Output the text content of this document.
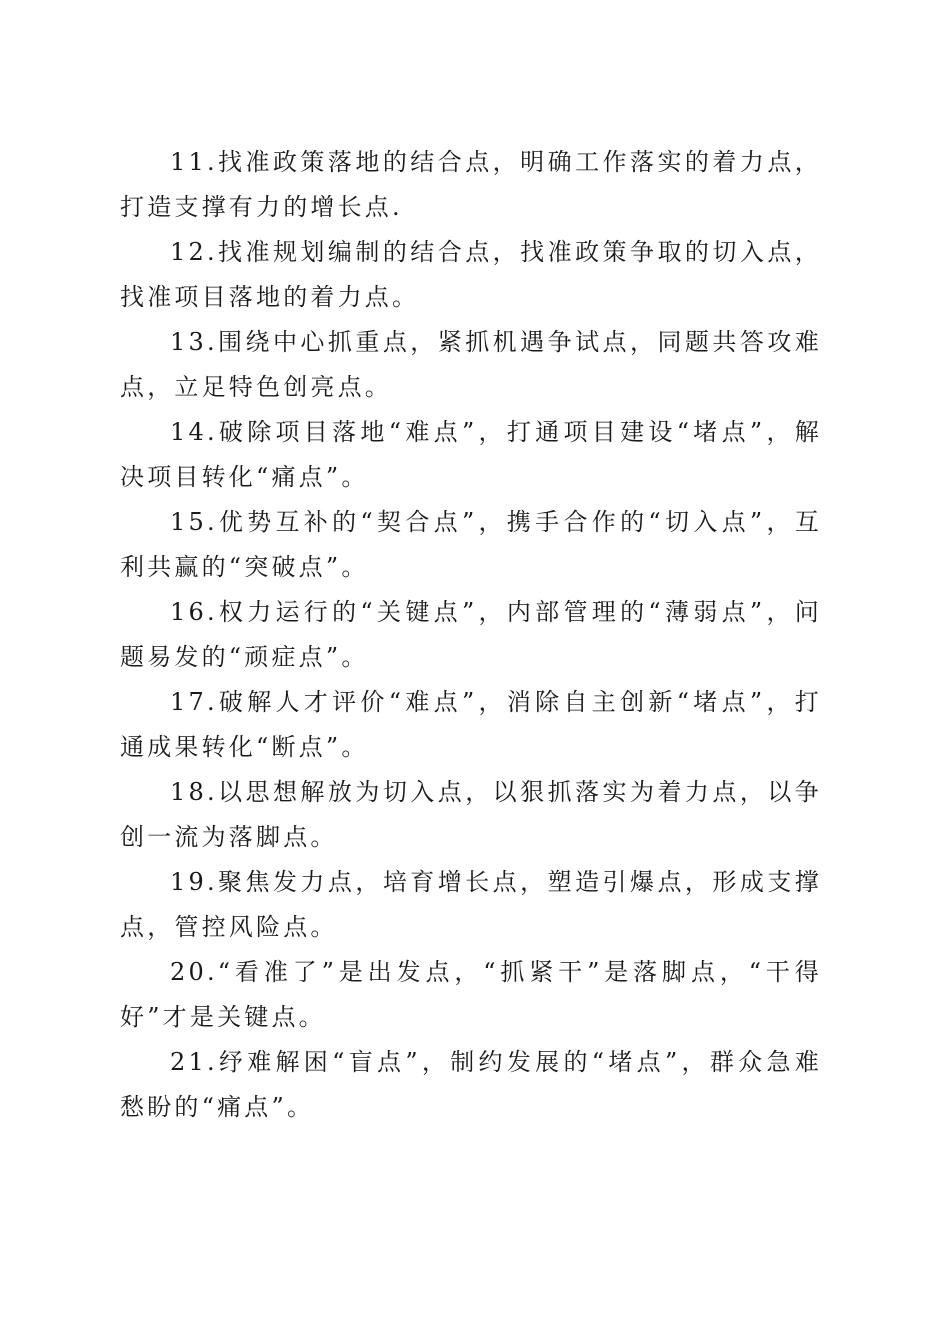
11.找准政策落地的结合点，明确工作落实的着力点，打造支撑有力的增长点.

12.找准规划编制的结合点，找准政策争取的切入点，找准项目落地的着力点。

13.围绕中心抓重点，紧抓机遇争试点，同题共答攻难点，立足特色创亮点。

14.破除项目落地“难点”，打通项目建设“堵点”，解决项目转化“痛点”。

15.优势互补的“契合点”，携手合作的“切入点”，互利共赢的“突破点”。

16.权力运行的“关键点”，内部管理的“薄弱点”，问题易发的“顽症点”。

17.破解人才评价“难点”，消除自主创新“堵点”，打通成果转化“断点”。

18.以思想解放为切入点，以狠抓落实为着力点，以争创一流为落脚点。

19.聚焦发力点，培育增长点，塑造引爆点，形成支撑点，管控风险点。

20.“看准了”是出发点，“抓紧干”是落脚点，“干得好”才是关键点。

21.纾难解困“盲点”，制约发展的“堵点”，群众急难愁盼的“痛点”。
